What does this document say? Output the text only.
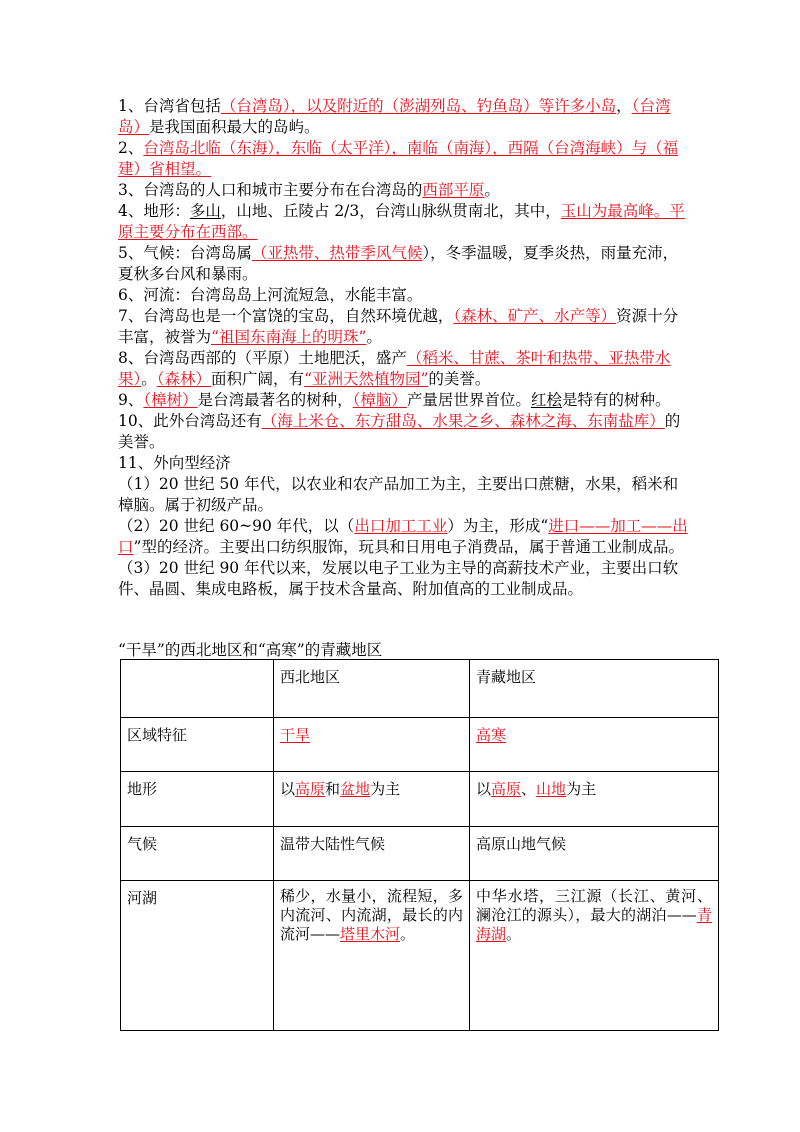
1、台湾省包括（台湾岛），以及附近的（澎湖列岛、钓鱼岛）等许多小岛，（台湾岛）是我国面积最大的岛屿。

2、台湾岛北临（东海），东临（太平洋），南临（南海），西隔（台湾海峡）与（福建）省相望。

3、台湾岛的人口和城市主要分布在台湾岛的西部平原。

4、地形：多山，山地、丘陵占 2/3，台湾山脉纵贯南北，其中，玉山为最高峰。平原主要分布在西部。

5、气候：台湾岛属（亚热带、热带季风气候），冬季温暖，夏季炎热，雨量充沛，夏秋多台风和暴雨。

6、河流：台湾岛岛上河流短急，水能丰富。

7、台湾岛也是一个富饶的宝岛，自然环境优越，（森林、矿产、水产等）资源十分丰富，被誉为“祖国东南海上的明珠”。

8、台湾岛西部的（平原）土地肥沃，盛产（稻米、甘蔗、茶叶和热带、亚热带水果）。（森林）面积广阔，有“亚洲天然植物园”的美誉。

9、（樟树）是台湾最著名的树种，（樟脑）产量居世界首位。红桧是特有的树种。

10、此外台湾岛还有（海上米仓、东方甜岛、水果之乡、森林之海、东南盐库）的美誉。

11、外向型经济

（1）20 世纪 50 年代，以农业和农产品加工为主，主要出口蔗糖，水果，稻米和樟脑。属于初级产品。

（2）20 世纪 60~90 年代，以（出口加工工业）为主，形成“进口——加工——出口”型的经济。主要出口纺织服饰，玩具和日用电子消费品，属于普通工业制成品。

（3）20 世纪 90 年代以来，发展以电子工业为主导的高薪技术产业，主要出口软件、晶圆、集成电路板，属于技术含量高、附加值高的工业制成品。

“干旱”的西北地区和“高寒”的青藏地区
	西北地区	青藏地区
区域特征	干旱	高寒
地形	以高原和盆地为主	以高原、山地为主
气候	温带大陆性气候	高原山地气候
河湖	稀少，水量小，流程短，多内流河、内流湖，最长的内流河——塔里木河。	中华水塔，三江源（长江、黄河、澜沧江的源头），最大的湖泊——青海湖。
